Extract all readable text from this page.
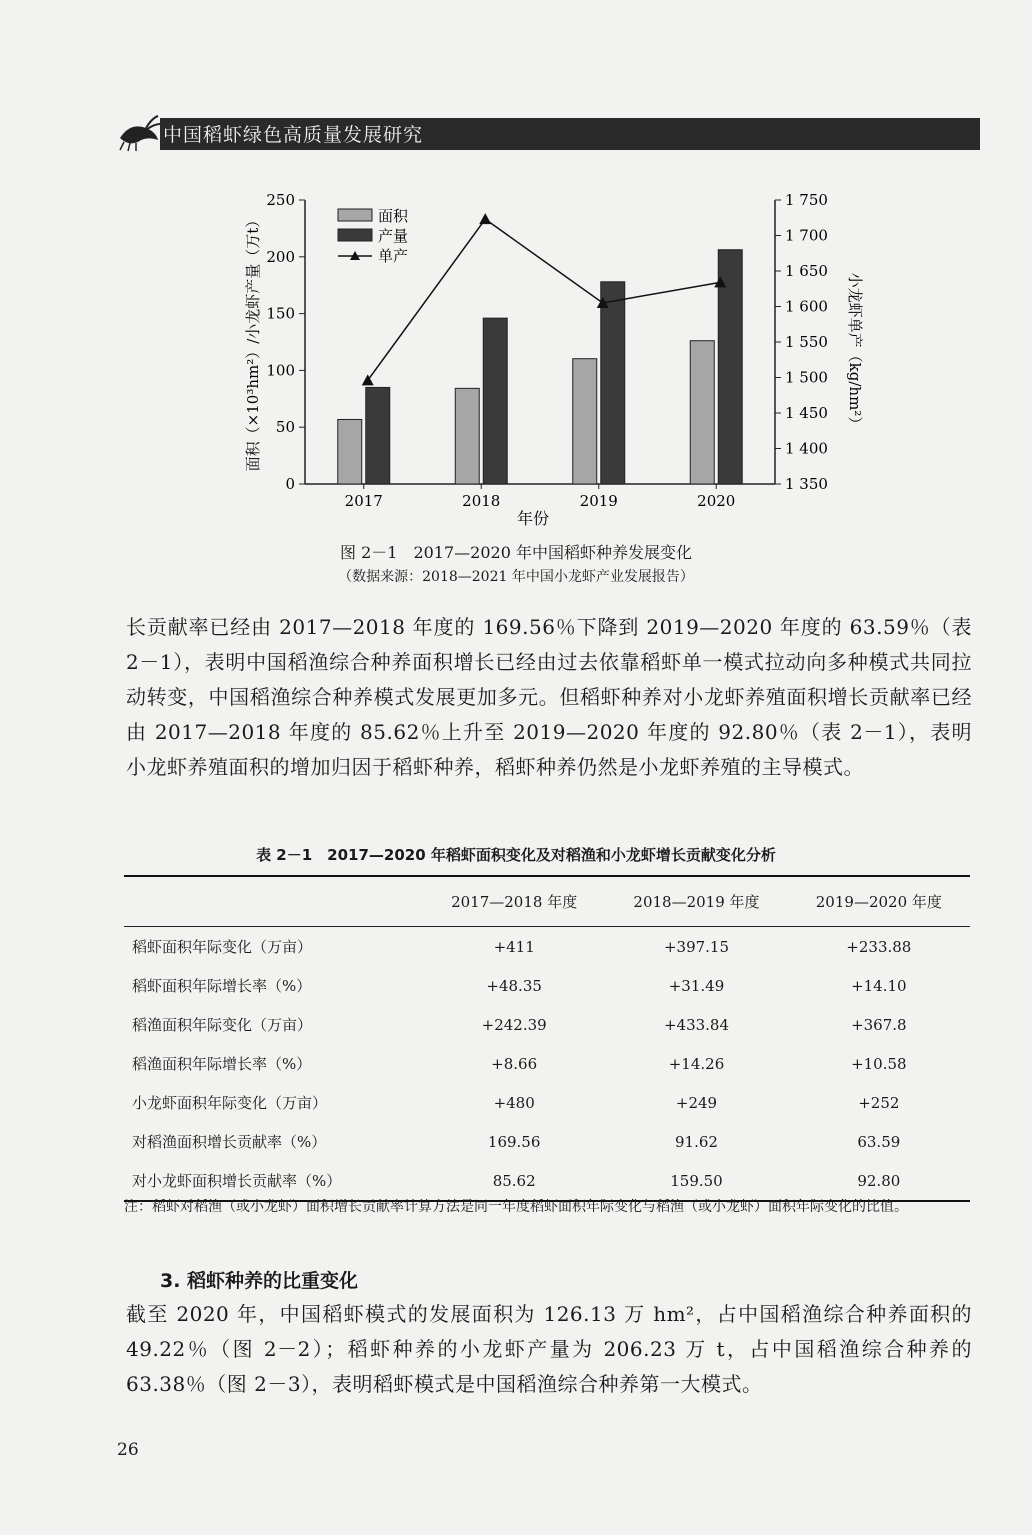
中国稻虾绿色高质量发展研究
0
50
100
150
200
250
1 350
1 400
1 450
1 500
1 550
1 600
1 650
1 700
1 750
2017	2018	2019	2020
面积
产量
单产
年份
面积（×10³hm²）/小龙虾产量（万t）	小龙虾单产（kg/hm²）
图 2－1　2017—2020 年中国稻虾种养发展变化
（数据来源：2018—2021 年中国小龙虾产业发展报告）
长贡献率已经由 2017—2018 年度的 169.56％下降到 2019—2020 年度的 63.59％（表 2－1），表明中国稻渔综合种养面积增长已经由过去依靠稻虾单一模式拉动向多种模式共同拉动转变，中国稻渔综合种养模式发展更加多元。但稻虾种养对小龙虾养殖面积增长贡献率已经由 2017—2018 年度的 85.62％上升至 2019—2020 年度的 92.80％（表 2－1），表明小龙虾养殖面积的增加归因于稻虾种养，稻虾种养仍然是小龙虾养殖的主导模式。
表 2－1　2017—2020 年稻虾面积变化及对稻渔和小龙虾增长贡献变化分析
	2017—2018 年度	2018—2019 年度	2019—2020 年度
稻虾面积年际变化（万亩）	+411	+397.15	+233.88
稻虾面积年际增长率（%）	+48.35	+31.49	+14.10
稻渔面积年际变化（万亩）	+242.39	+433.84	+367.8
稻渔面积年际增长率（%）	+8.66	+14.26	+10.58
小龙虾面积年际变化（万亩）	+480	+249	+252
对稻渔面积增长贡献率（%）	169.56	91.62	63.59
对小龙虾面积增长贡献率（%）	85.62	159.50	92.80
注：稻虾对稻渔（或小龙虾）面积增长贡献率计算方法是同一年度稻虾面积年际变化与稻渔（或小龙虾）面积年际变化的比值。
3. 稻虾种养的比重变化
截至 2020 年，中国稻虾模式的发展面积为 126.13 万 hm²，占中国稻渔综合种养面积的 49.22％（图 2－2）；稻虾种养的小龙虾产量为 206.23 万 t，占中国稻渔综合种养的 63.38％（图 2－3），表明稻虾模式是中国稻渔综合种养第一大模式。
26
